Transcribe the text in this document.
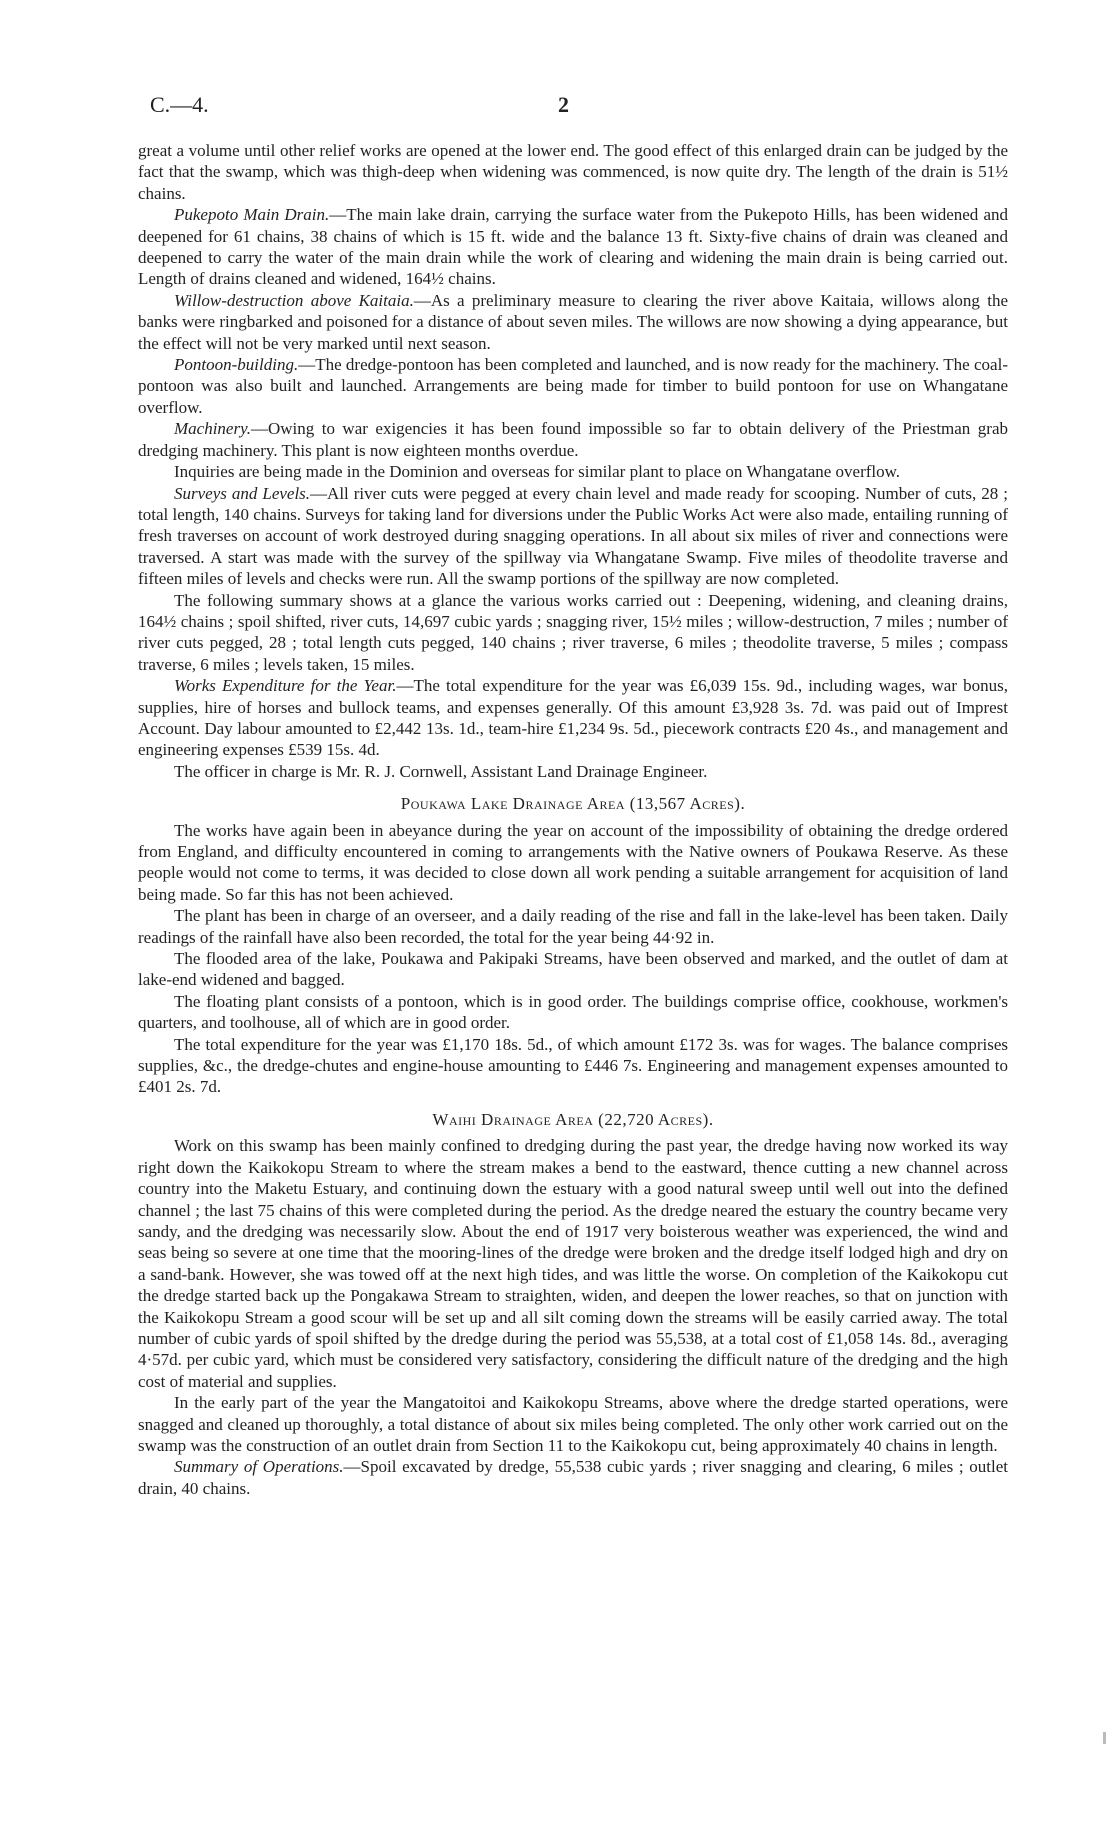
C.—4.	2

great a volume until other relief works are opened at the lower end. The good effect of this enlarged drain can be judged by the fact that the swamp, which was thigh-deep when widening was commenced, is now quite dry. The length of the drain is 51½ chains.

Pukepoto Main Drain.—The main lake drain, carrying the surface water from the Pukepoto Hills, has been widened and deepened for 61 chains, 38 chains of which is 15 ft. wide and the balance 13 ft. Sixty-five chains of drain was cleaned and deepened to carry the water of the main drain while the work of clearing and widening the main drain is being carried out. Length of drains cleaned and widened, 164½ chains.

Willow-destruction above Kaitaia.—As a preliminary measure to clearing the river above Kaitaia, willows along the banks were ringbarked and poisoned for a distance of about seven miles. The willows are now showing a dying appearance, but the effect will not be very marked until next season.

Pontoon-building.—The dredge-pontoon has been completed and launched, and is now ready for the machinery. The coal-pontoon was also built and launched. Arrangements are being made for timber to build pontoon for use on Whangatane overflow.

Machinery.—Owing to war exigencies it has been found impossible so far to obtain delivery of the Priestman grab dredging machinery. This plant is now eighteen months overdue.

Inquiries are being made in the Dominion and overseas for similar plant to place on Whangatane overflow.

Surveys and Levels.—All river cuts were pegged at every chain level and made ready for scooping. Number of cuts, 28 ; total length, 140 chains. Surveys for taking land for diversions under the Public Works Act were also made, entailing running of fresh traverses on account of work destroyed during snagging operations. In all about six miles of river and connections were traversed. A start was made with the survey of the spillway via Whangatane Swamp. Five miles of theodolite traverse and fifteen miles of levels and checks were run. All the swamp portions of the spillway are now completed.

The following summary shows at a glance the various works carried out : Deepening, widening, and cleaning drains, 164½ chains ; spoil shifted, river cuts, 14,697 cubic yards ; snagging river, 15½ miles ; willow-destruction, 7 miles ; number of river cuts pegged, 28 ; total length cuts pegged, 140 chains ; river traverse, 6 miles ; theodolite traverse, 5 miles ; compass traverse, 6 miles ; levels taken, 15 miles.

Works Expenditure for the Year.—The total expenditure for the year was £6,039 15s. 9d., including wages, war bonus, supplies, hire of horses and bullock teams, and expenses generally. Of this amount £3,928 3s. 7d. was paid out of Imprest Account. Day labour amounted to £2,442 13s. 1d., team-hire £1,234 9s. 5d., piecework contracts £20 4s., and management and engineering expenses £539 15s. 4d.

The officer in charge is Mr. R. J. Cornwell, Assistant Land Drainage Engineer.

Poukawa Lake Drainage Area (13,567 Acres).

The works have again been in abeyance during the year on account of the impossibility of obtaining the dredge ordered from England, and difficulty encountered in coming to arrangements with the Native owners of Poukawa Reserve. As these people would not come to terms, it was decided to close down all work pending a suitable arrangement for acquisition of land being made. So far this has not been achieved.

The plant has been in charge of an overseer, and a daily reading of the rise and fall in the lake-level has been taken. Daily readings of the rainfall have also been recorded, the total for the year being 44·92 in.

The flooded area of the lake, Poukawa and Pakipaki Streams, have been observed and marked, and the outlet of dam at lake-end widened and bagged.

The floating plant consists of a pontoon, which is in good order. The buildings comprise office, cookhouse, workmen's quarters, and toolhouse, all of which are in good order.

The total expenditure for the year was £1,170 18s. 5d., of which amount £172 3s. was for wages. The balance comprises supplies, &c., the dredge-chutes and engine-house amounting to £446 7s. Engineering and management expenses amounted to £401 2s. 7d.

Waihi Drainage Area (22,720 Acres).

Work on this swamp has been mainly confined to dredging during the past year, the dredge having now worked its way right down the Kaikokopu Stream to where the stream makes a bend to the eastward, thence cutting a new channel across country into the Maketu Estuary, and continuing down the estuary with a good natural sweep until well out into the defined channel ; the last 75 chains of this were completed during the period. As the dredge neared the estuary the country became very sandy, and the dredging was necessarily slow. About the end of 1917 very boisterous weather was experienced, the wind and seas being so severe at one time that the mooring-lines of the dredge were broken and the dredge itself lodged high and dry on a sand-bank. However, she was towed off at the next high tides, and was little the worse. On completion of the Kaikokopu cut the dredge started back up the Pongakawa Stream to straighten, widen, and deepen the lower reaches, so that on junction with the Kaikokopu Stream a good scour will be set up and all silt coming down the streams will be easily carried away. The total number of cubic yards of spoil shifted by the dredge during the period was 55,538, at a total cost of £1,058 14s. 8d., averaging 4·57d. per cubic yard, which must be considered very satisfactory, considering the difficult nature of the dredging and the high cost of material and supplies.

In the early part of the year the Mangatoitoi and Kaikokopu Streams, above where the dredge started operations, were snagged and cleaned up thoroughly, a total distance of about six miles being completed. The only other work carried out on the swamp was the construction of an outlet drain from Section 11 to the Kaikokopu cut, being approximately 40 chains in length.

Summary of Operations.—Spoil excavated by dredge, 55,538 cubic yards ; river snagging and clearing, 6 miles ; outlet drain, 40 chains.
